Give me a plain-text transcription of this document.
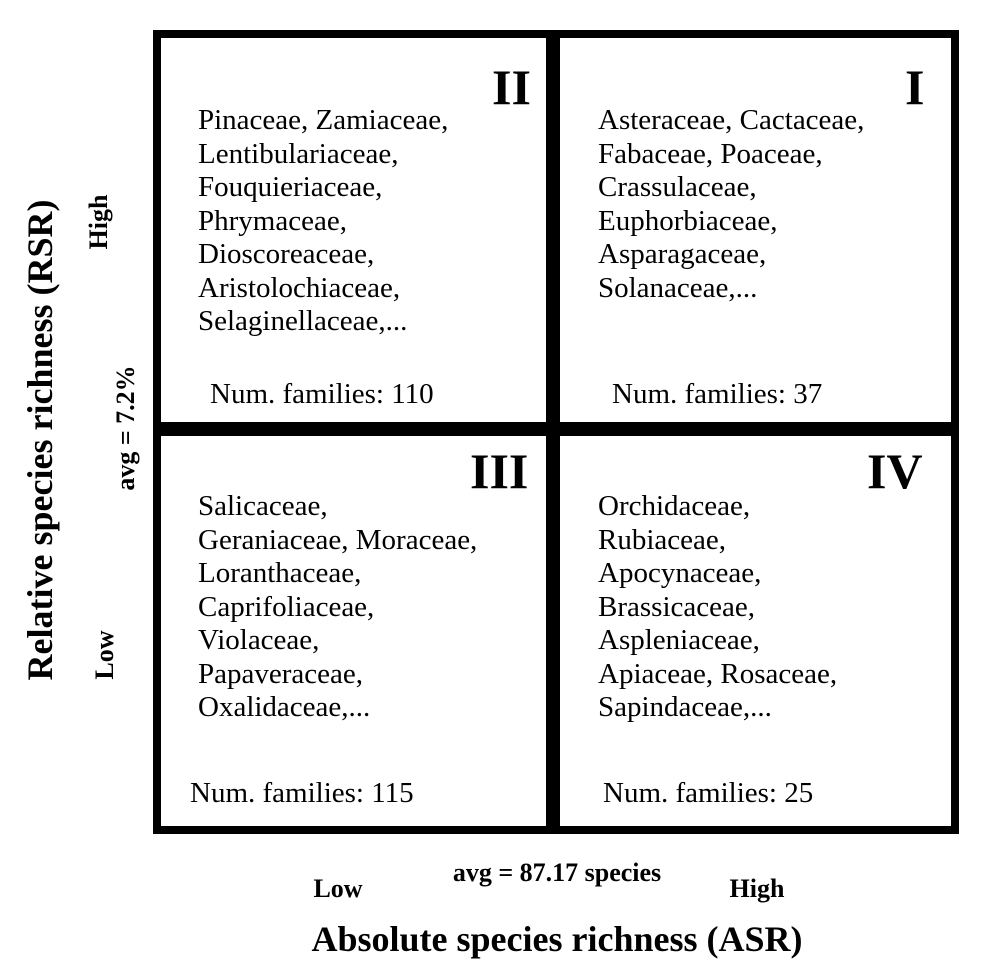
II
Pinaceae, Zamiaceae,
Lentibulariaceae,
Fouquieriaceae,
Phrymaceae,
Dioscoreaceae,
Aristolochiaceae,
Selaginellaceae,...
Num. families: 110
I
Asteraceae, Cactaceae,
Fabaceae, Poaceae,
Crassulaceae,
Euphorbiaceae,
Asparagaceae,
Solanaceae,...
Num. families: 37
III
Salicaceae,
Geraniaceae, Moraceae,
Loranthaceae,
Caprifoliaceae,
Violaceae,
Papaveraceae,
Oxalidaceae,...
Num. families: 115
IV
Orchidaceae,
Rubiaceae,
Apocynaceae,
Brassicaceae,
Aspleniaceae,
Apiaceae, Rosaceae,
Sapindaceae,...
Num. families: 25
Relative species richness (RSR) avg = 7.2%
High
Low
avg = 87.17 species
Low	High
Absolute species richness (ASR)
